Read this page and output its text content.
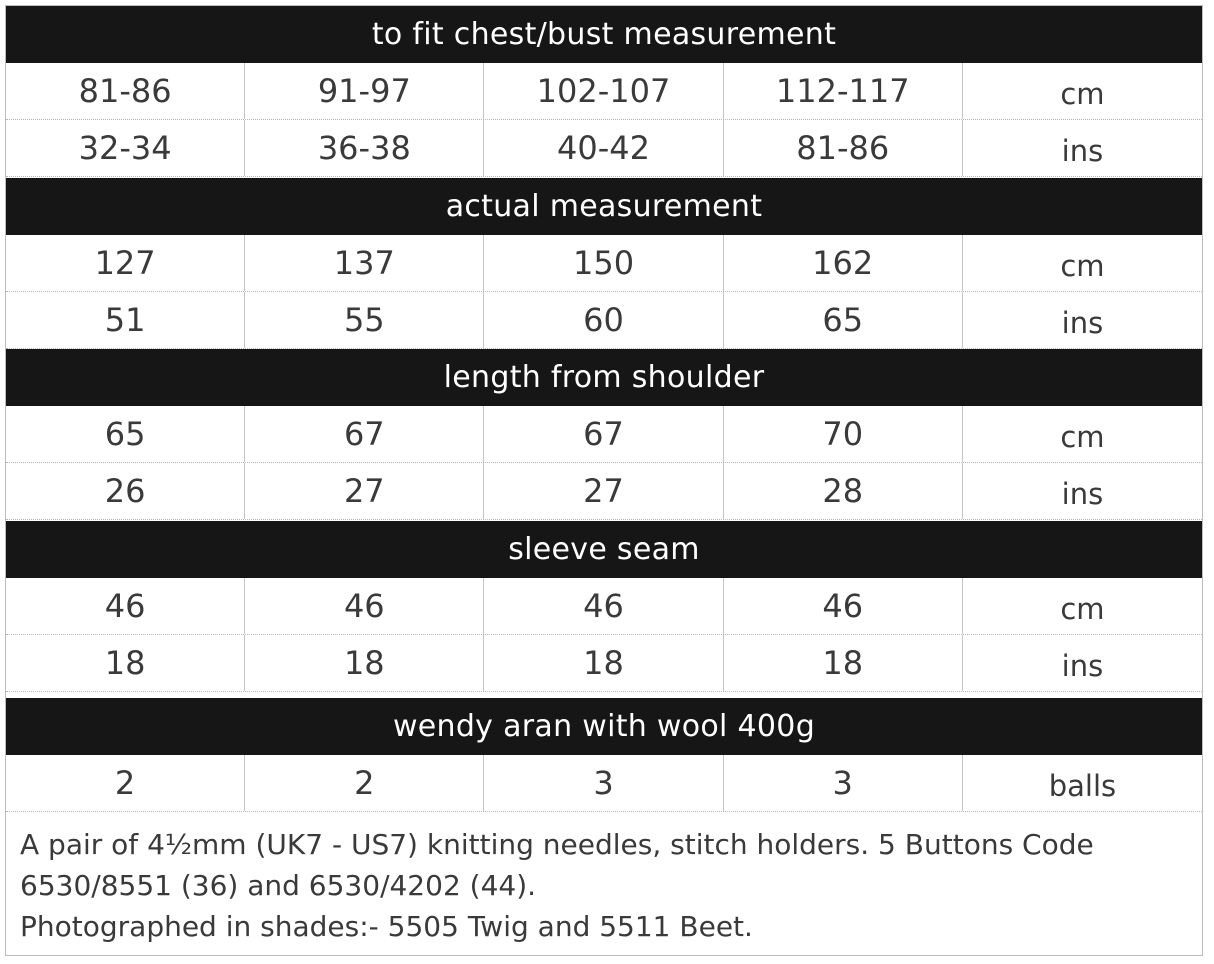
to fit chest/bust measurement
81-86	91-97	102-107	112-117	cm
32-34	36-38	40-42	81-86	ins
actual measurement
127	137	150	162	cm
51	55	60	65	ins
length from shoulder
65	67	67	70	cm
26	27	27	28	ins
sleeve seam
46	46	46	46	cm
18	18	18	18	ins
wendy aran with wool 400g
2	2	3	3	balls
A pair of 4½mm (UK7 - US7) knitting needles, stitch holders. 5 Buttons Code
6530/8551 (36) and 6530/4202 (44).
Photographed in shades:- 5505 Twig and 5511 Beet.
